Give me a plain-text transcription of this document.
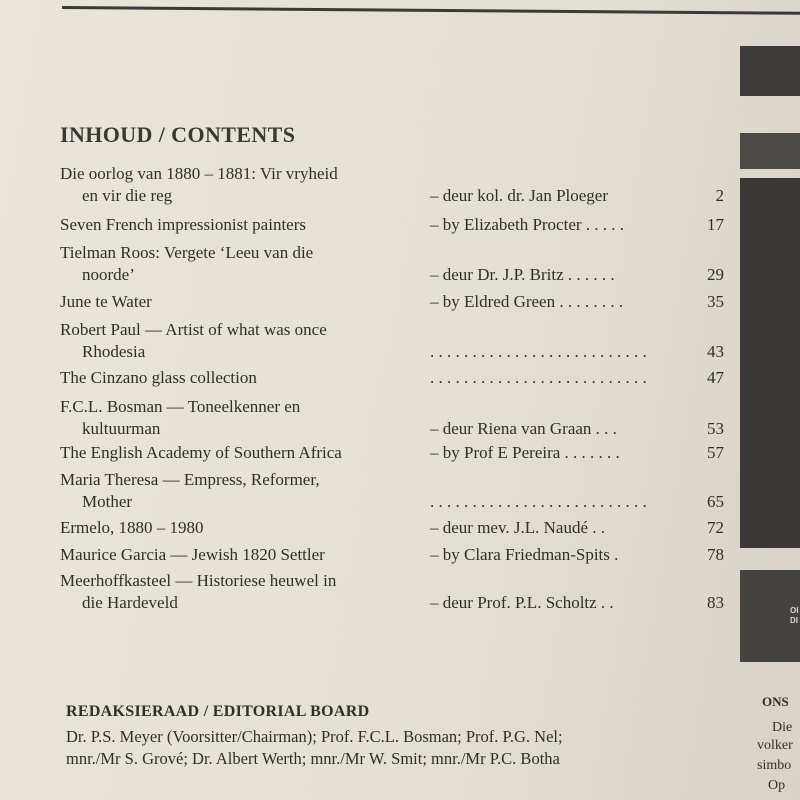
INHOUD / CONTENTS
Die oorlog van 1880 – 1881: Vir vryheid
en vir die reg	– deur kol. dr. Jan Ploeger	2
Seven French impressionist painters	– by Elizabeth Procter . . . . .	17
Tielman Roos: Vergete ‘Leeu van die
noorde’	– deur Dr. J.P. Britz . . . . . .	29
June te Water	– by Eldred Green . . . . . . . .	35
Robert Paul — Artist of what was once
Rhodesia	. . . . . . . . . . . . . . . . . . . . . . . . . .	43
The Cinzano glass collection	. . . . . . . . . . . . . . . . . . . . . . . . . .	47
F.C.L. Bosman — Toneelkenner en
kultuurman	– deur Riena van Graan . . .	53
The English Academy of Southern Africa	– by Prof E Pereira . . . . . . .	57
Maria Theresa — Empress, Reformer,
Mother	. . . . . . . . . . . . . . . . . . . . . . . . . .	65
Ermelo, 1880 – 1980	– deur mev. J.L. Naudé . .	72
Maurice Garcia — Jewish 1820 Settler	– by Clara Friedman-Spits .	78
Meerhoffkasteel — Historiese heuwel in
die Hardeveld	– deur Prof. P.L. Scholtz . .	83
REDAKSIERAAD / EDITORIAL BOARD
Dr. P.S. Meyer (Voorsitter/Chairman); Prof. F.C.L. Bosman; Prof. P.G. Nel;
mnr./Mr S. Grové; Dr. Albert Werth; mnr./Mr W. Smit; mnr./Mr P.C. Botha
OI
DI
ONS
Die
volker
simbo
Op
